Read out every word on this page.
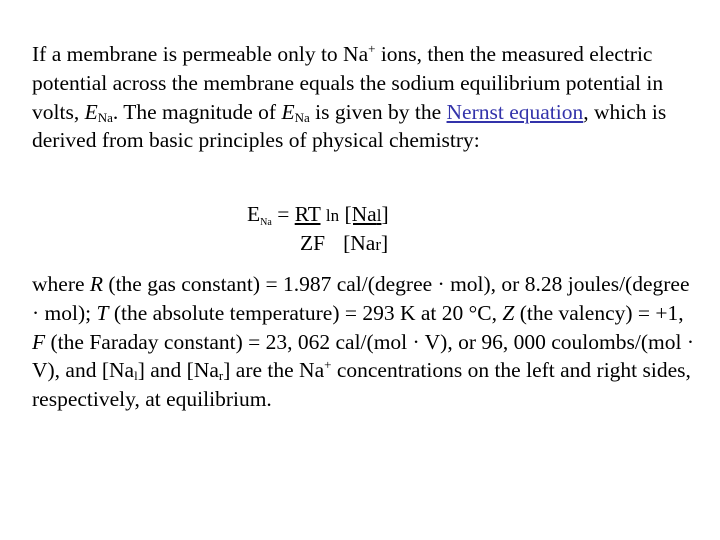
If a membrane is permeable only to Na+ ions, then the measured electric potential across the membrane equals the sodium equilibrium potential in volts, $E_{Na}$. The magnitude of $E_{Na}$ is given by the Nernst equation, which is derived from basic principles of physical chemistry:

ENa = RT ln [Nal]
ZF [Nar]

where R (the gas constant) = 1.987 cal/(degree · mol), or 8.28 joules/(degree · mol); T (the absolute temperature) = 293 K at 20 °C, Z (the valency) = +1, F (the Faraday constant) = 23, 062 cal/(mol · V), or 96, 000 coulombs/(mol · V), and $[Na_l]$ and $[Na_r]$ are the Na+ concentrations on the left and right sides, respectively, at equilibrium.
